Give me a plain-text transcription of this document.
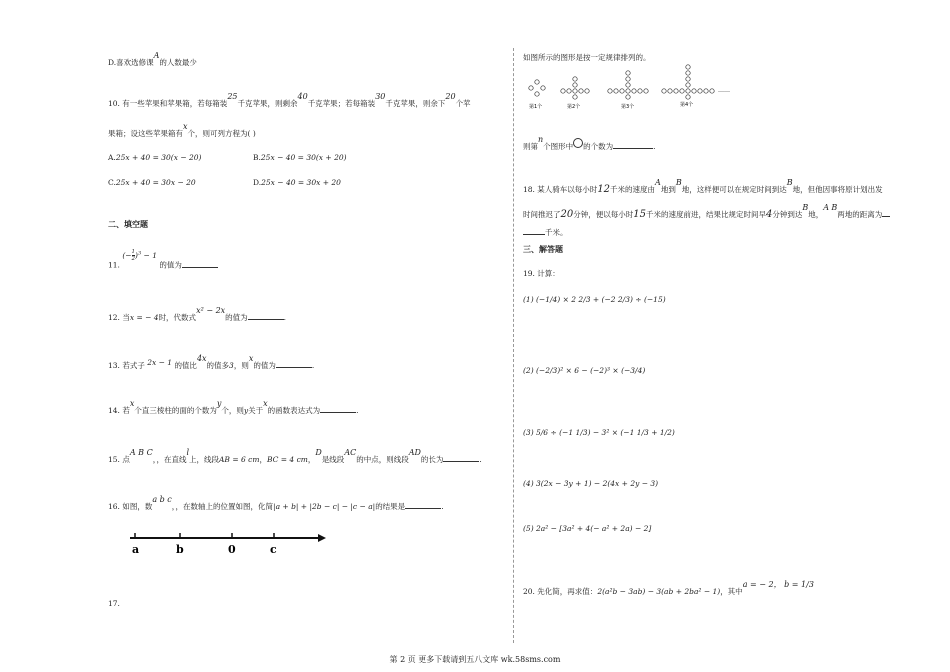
D.喜欢选修课A的人数最少
10. 有一些苹果和苹果箱，若每箱装25千克苹果，则剩余40千克苹果；若每箱装30千克苹果，则余下20个苹
果箱；设这些苹果箱有x个，则可列方程为( )
A.25x + 40 = 30(x − 20)	B.25x − 40 = 30(x + 20)
C.25x + 40 = 30x − 20	D.25x − 40 = 30x + 20
二、填空题
11. (− $\frac{1}{2} )^3 - 1$ 的值为
12. 当x = − 4时，代数式x² − 2x的值为	.
13. 若式子 2x − 1 的值比4x的值多3，则x的值为	.
14. 若x个直三棱柱的面的个数为y个，则y关于x的函数表达式为	.
15. 点A B C，，在直线l上，线段AB = 6 cm，BC = 4 cm，D是线段AC的中点，则线段AD的长为	.
16. 如图，数a b c，，在数轴上的位置如图，化简|a + b| + |2b − c| − |c − a|的结果是	.
a	b	0	c
17.
如图所示的图形是按一定规律排列的。
第1个	第2个	第3个	第4个
……
则第n个图形中 的个数为	.
18. 某人骑车以每小时12千米的速度由A地到B地，这样便可以在规定时间到达B地，但他因事将原计划出发
时间推迟了20分钟，便以每小时15千米的速度前进，结果比规定时间早4分钟到达B地，A B两地的距离为
千米。
三、解答题
19. 计算：
(1) (−1/4) × 2 2/3 + (−2 2/3) ÷ (−15)
(2) (−2/3)² × 6 − (−2)³ × (−3/4)
(3) 5/6 ÷ (−1 1/3) − 3² × (−1 1/3 + 1/2)
(4) 3(2x − 3y + 1) − 2(4x + 2y − 3)
(5) 2a² − [3a² + 4(− a² + 2a) − 2]
20. 先化简，再求值：2(a²b − 3ab) − 3(ab + 2ba² − 1)，其中a = − 2， b = 1/3
第 2 页 更多下载请到五八文库 wk.58sms.com
